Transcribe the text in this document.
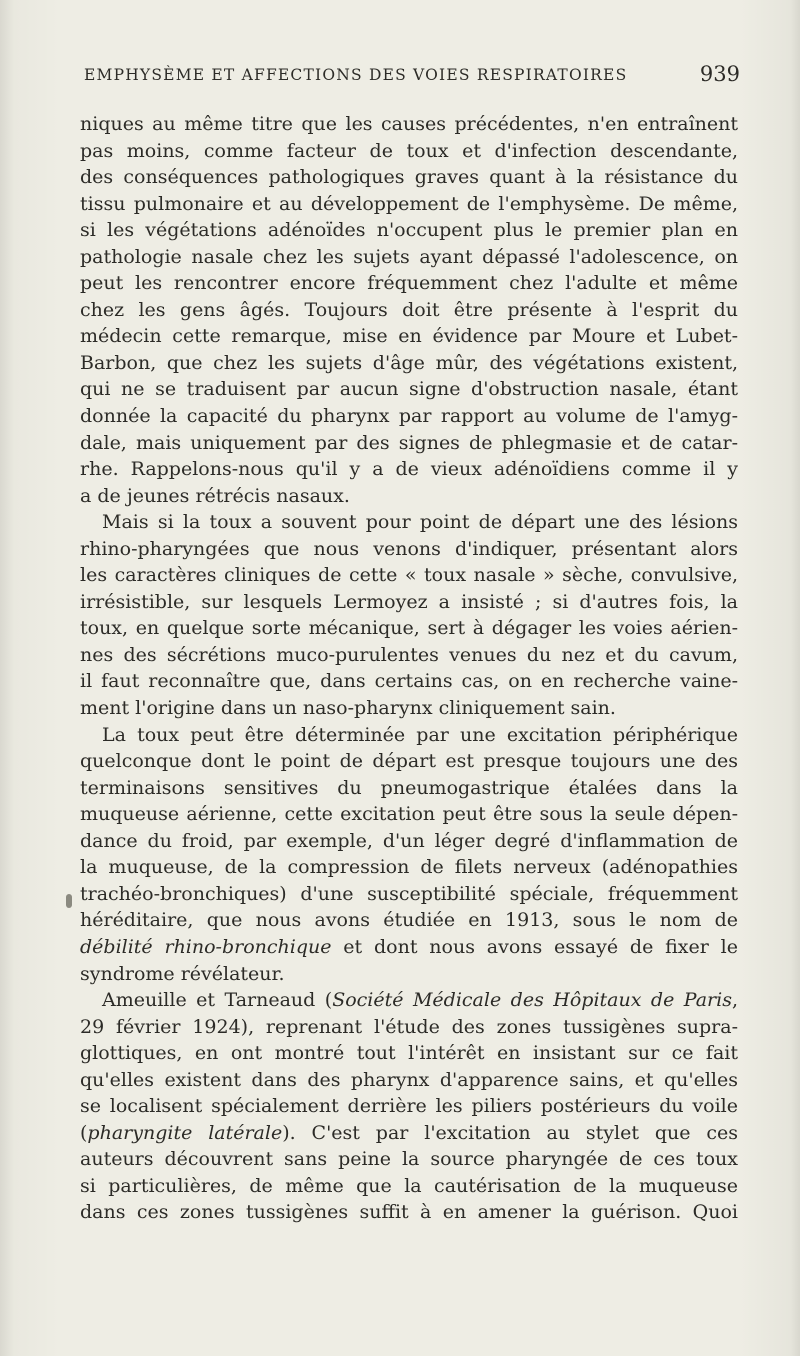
EMPHYSÈME ET AFFECTIONS DES VOIES RESPIRATOIRES	939
niques au même titre que les causes précédentes, n'en entraînent
pas moins, comme facteur de toux et d'infection descendante,
des conséquences pathologiques graves quant à la résistance du
tissu pulmonaire et au développement de l'emphysème. De même,
si les végétations adénoïdes n'occupent plus le premier plan en
pathologie nasale chez les sujets ayant dépassé l'adolescence, on
peut les rencontrer encore fréquemment chez l'adulte et même
chez les gens âgés. Toujours doit être présente à l'esprit du
médecin cette remarque, mise en évidence par Moure et Lubet-
Barbon, que chez les sujets d'âge mûr, des végétations existent,
qui ne se traduisent par aucun signe d'obstruction nasale, étant
donnée la capacité du pharynx par rapport au volume de l'amyg-
dale, mais uniquement par des signes de phlegmasie et de catar-
rhe. Rappelons-nous qu'il y a de vieux adénoïdiens comme il y
a de jeunes rétrécis nasaux.
Mais si la toux a souvent pour point de départ une des lésions
rhino-pharyngées que nous venons d'indiquer, présentant alors
les caractères cliniques de cette « toux nasale » sèche, convulsive,
irrésistible, sur lesquels Lermoyez a insisté ; si d'autres fois, la
toux, en quelque sorte mécanique, sert à dégager les voies aérien-
nes des sécrétions muco-purulentes venues du nez et du cavum,
il faut reconnaître que, dans certains cas, on en recherche vaine-
ment l'origine dans un naso-pharynx cliniquement sain.
La toux peut être déterminée par une excitation périphérique
quelconque dont le point de départ est presque toujours une des
terminaisons sensitives du pneumogastrique étalées dans la
muqueuse aérienne, cette excitation peut être sous la seule dépen-
dance du froid, par exemple, d'un léger degré d'inflammation de
la muqueuse, de la compression de filets nerveux (adénopathies
trachéo-bronchiques) d'une susceptibilité spéciale, fréquemment
héréditaire, que nous avons étudiée en 1913, sous le nom de
débilité rhino-bronchique et dont nous avons essayé de fixer le
syndrome révélateur.
Ameuille et Tarneaud (Société Médicale des Hôpitaux de Paris,
29 février 1924), reprenant l'étude des zones tussigènes supra-
glottiques, en ont montré tout l'intérêt en insistant sur ce fait
qu'elles existent dans des pharynx d'apparence sains, et qu'elles
se localisent spécialement derrière les piliers postérieurs du voile
(pharyngite latérale). C'est par l'excitation au stylet que ces
auteurs découvrent sans peine la source pharyngée de ces toux
si particulières, de même que la cautérisation de la muqueuse
dans ces zones tussigènes suffit à en amener la guérison. Quoi
